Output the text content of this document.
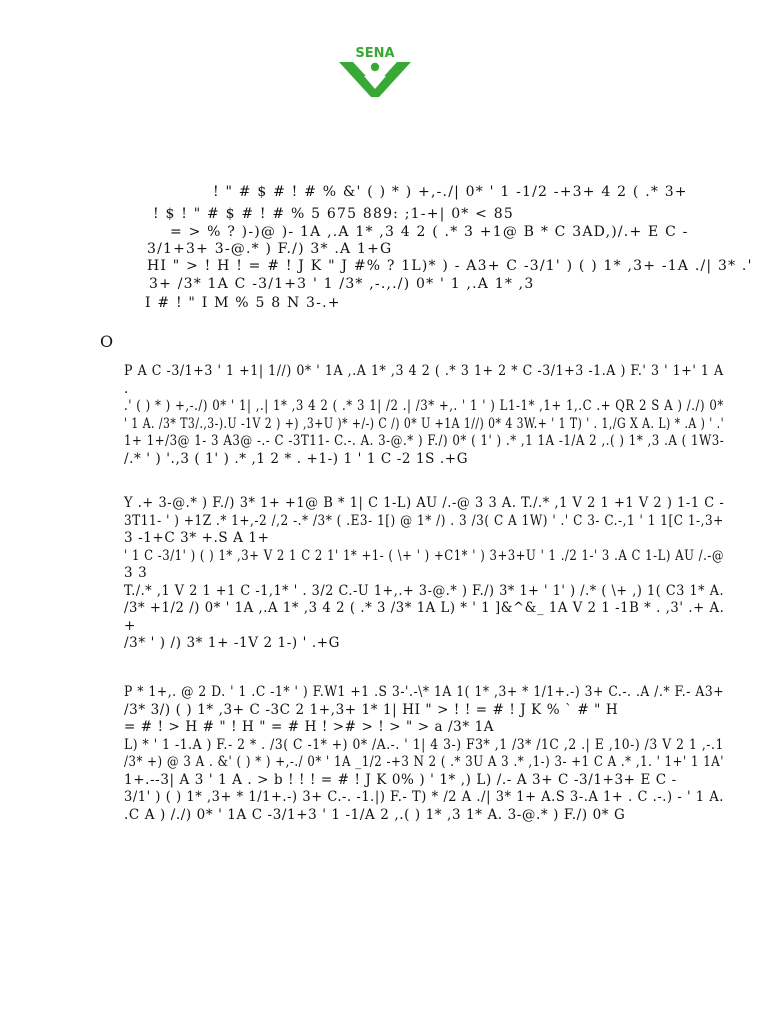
SENA
! " # $ # ! # % &' ( ) * ) +,-./| 0* ' 1 -1/2 -+3+ 4 2 ( .* 3+
! $ ! " # $ # ! # % 5 675 889: ;1-+| 0* < 85
= > % ? )-)@ )- 1A ,.A 1* ,3 4 2 ( .* 3 +1@ B * C 3AD,)/.+ E C -
3/1+3+ 3-@.* ) F./) 3* .A 1+G
HI " > ! H ! = # ! J K " J #% ? 1L)* ) - A3+ C -3/1' ) ( ) 1* ,3+ -1A ./| 3* .'
3+ /3* 1A C -3/1+3 ' 1 /3* ,-.,./) 0* ' 1 ,.A 1* ,3
I # ! " I M % 5 8 N 3-.+
O
P A C -3/1+3 ' 1 +1| 1//) 0* ' 1A ,.A 1* ,3 4 2 ( .* 3 1+ 2 * C -3/1+3 -1.A ) F.' 3 ' 1+' 1 A
.
.' ( ) * ) +,-./) 0* ' 1| ,.| 1* ,3 4 2 ( .* 3 1| /2 .| /3* +,. ' 1 ' ) L1-1* ,1+ 1,.C .+ QR 2 S A ) /./) 0*
' 1 A. /3* T3/.,3-).U -1V 2 ) +) ,3+U )* +/-) C /) 0* U +1A 1//) 0* 4 3W.+ ' 1 T) ' . 1,/G X A. L) * .A ) ' .'
1+ 1+/3@ 1- 3 A3@ -.- C -3T11- C.-. A. 3-@.* ) F./) 0* ( 1' ) .* ,1 1A -1/A 2 ,.( ) 1* ,3 .A ( 1W3-
/.* ' ) '.,3 ( 1' ) .* ,1 2 * . +1-) 1 ' 1 C -2 1S .+G
Y .+ 3-@.* ) F./) 3* 1+ +1@ B * 1| C 1-L) AU /.-@ 3 3 A. T./.* ,1 V 2 1 +1 V 2 ) 1-1 C -
3T11- ' ) +1Z .* 1+,-2 /,2 -.* /3* ( .E3- 1[) @ 1* /) . 3 /3( C A 1W) ' .' C 3- C.-,1 ' 1 1[C 1-,3+
3 -1+C 3* +.S A 1+
' 1 C -3/1' ) ( ) 1* ,3+ V 2 1 C 2 1' 1* +1- ( \+ ' ) +C1* ' ) 3+3+U ' 1 ./2 1-' 3 .A C 1-L) AU /.-@
3 3
T./.* ,1 V 2 1 +1 C -1,1* ' . 3/2 C.-U 1+,.+ 3-@.* ) F./) 3* 1+ ' 1' ) /.* ( \+ ,) 1( C3 1* A.
/3* +1/2 /) 0* ' 1A ,.A 1* ,3 4 2 ( .* 3 /3* 1A L) * ' 1 ]&^&_ 1A V 2 1 -1B * . ,3' .+ A.
+
/3* ' ) /) 3* 1+ -1V 2 1-) ' .+G
P * 1+,. @ 2 D. ' 1 .C -1* ' ) F.W1 +1 .S 3-'.-\* 1A 1( 1* ,3+ * 1/1+.-) 3+ C.-. .A /.* F.- A3+
/3* 3/) ( ) 1* ,3+ C -3C 2 1+,3+ 1* 1| HI " > ! ! = # ! J K % ` # " H
= # ! > H # " ! H " = # H ! ># > ! > " > a /3* 1A
L) * ' 1 -1.A ) F.- 2 * . /3( C -1* +) 0* /A.-. ' 1| 4 3-) F3* ,1 /3* /1C ,2 .| E ,10-) /3 V 2 1 ,-.1
/3* +) @ 3 A . &' ( ) * ) +,-./ 0* ' 1A _1/2 -+3 N 2 ( .* 3U A 3 .* ,1-) 3- +1 C A .* ,1. ' 1+' 1 1A'
1+.--3| A 3 ' 1 A . > b ! ! ! = # ! J K 0% ) ' 1* ,) L) /.- A 3+ C -3/1+3+ E C -
3/1' ) ( ) 1* ,3+ * 1/1+.-) 3+ C.-. -1.|) F.- T) * /2 A ./| 3* 1+ A.S 3-.A 1+ . C .-.) - ' 1 A.
.C A ) /./) 0* ' 1A C -3/1+3 ' 1 -1/A 2 ,.( ) 1* ,3 1* A. 3-@.* ) F./) 0* G
